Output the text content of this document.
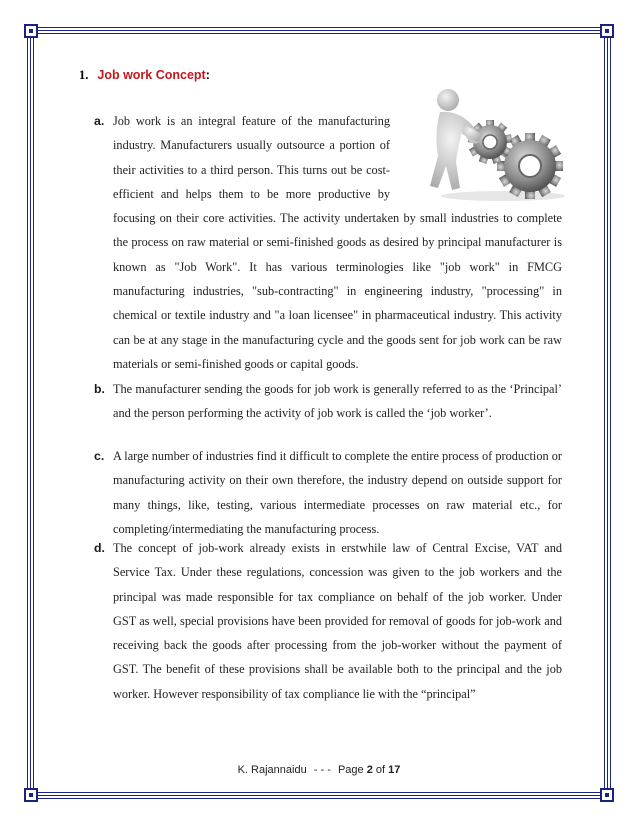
1. Job work Concept:
a. Job work is an integral feature of the manufacturing industry. Manufacturers usually outsource a portion of their activities to a third person. This turns out be cost-efficient and helps them to be more productive by focusing on their core activities. The activity undertaken by small industries to complete the process on raw material or semi-finished goods as desired by principal manufacturer is known as "Job Work". It has various terminologies like "job work" in FMCG manufacturing industries, "sub-contracting" in engineering industry, "processing" in chemical or textile industry and "a loan licensee" in pharmaceutical industry. This activity can be at any stage in the manufacturing cycle and the goods sent for job work can be raw materials or semi-finished goods or capital goods.
b. The manufacturer sending the goods for job work is generally referred to as the ‘Principal’ and the person performing the activity of job work is called the ‘job worker’.
c. A large number of industries find it difficult to complete the entire process of production or manufacturing activity on their own therefore, the industry depend on outside support for many things, like, testing, various intermediate processes on raw material etc., for completing/intermediating the manufacturing process.
d. The concept of job-work already exists in erstwhile law of Central Excise, VAT and Service Tax. Under these regulations, concession was given to the job workers and the principal was made responsible for tax compliance on behalf of the job worker. Under GST as well, special provisions have been provided for removal of goods for job-work and receiving back the goods after processing from the job-worker without the payment of GST. The benefit of these provisions shall be available both to the principal and the job worker. However responsibility of tax compliance lie with the “principal”
K. Rajannaidu - - - Page 2 of 17
